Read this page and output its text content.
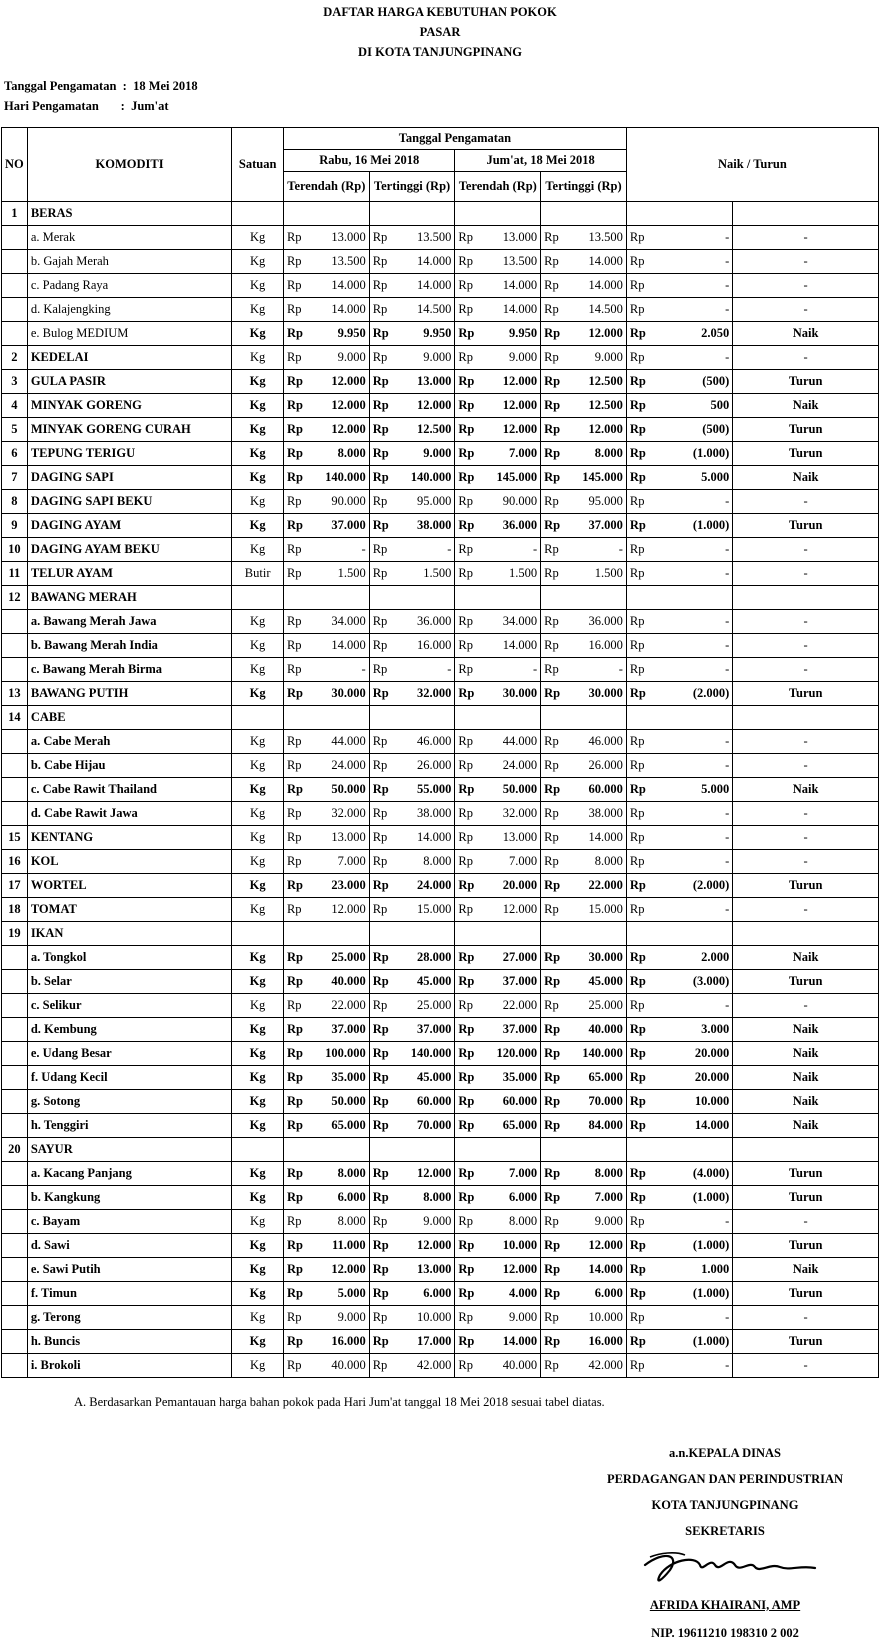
DAFTAR HARGA KEBUTUHAN POKOK
PASAR
DI KOTA TANJUNGPINANG
Tanggal Pengamatan  :  18 Mei 2018
Hari Pengamatan       :  Jum'at
NO	KOMODITI	Satuan	Tanggal Pengamatan								Naik / Turun		
			Rabu, 16 Mei 2018				Jum'at, 18 Mei 2018						
			Terendah (Rp)		Tertinggi (Rp)		Terendah (Rp)		Tertinggi (Rp)				
1	BERAS												
	a. Merak	Kg	Rp	13.000	Rp	13.500	Rp	13.000	Rp	13.500	Rp	-	-
	b. Gajah Merah	Kg	Rp	13.500	Rp	14.000	Rp	13.500	Rp	14.000	Rp	-	-
	c. Padang Raya	Kg	Rp	14.000	Rp	14.000	Rp	14.000	Rp	14.000	Rp	-	-
	d. Kalajengking	Kg	Rp	14.000	Rp	14.500	Rp	14.000	Rp	14.500	Rp	-	-
	e. Bulog MEDIUM	Kg	Rp	9.950	Rp	9.950	Rp	9.950	Rp	12.000	Rp	2.050	Naik
2	KEDELAI	Kg	Rp	9.000	Rp	9.000	Rp	9.000	Rp	9.000	Rp	-	-
3	GULA PASIR	Kg	Rp	12.000	Rp	13.000	Rp	12.000	Rp	12.500	Rp	(500)	Turun
4	MINYAK GORENG	Kg	Rp	12.000	Rp	12.000	Rp	12.000	Rp	12.500	Rp	500	Naik
5	MINYAK GORENG CURAH	Kg	Rp	12.000	Rp	12.500	Rp	12.000	Rp	12.000	Rp	(500)	Turun
6	TEPUNG TERIGU	Kg	Rp	8.000	Rp	9.000	Rp	7.000	Rp	8.000	Rp	(1.000)	Turun
7	DAGING SAPI	Kg	Rp	140.000	Rp	140.000	Rp	145.000	Rp	145.000	Rp	5.000	Naik
8	DAGING SAPI BEKU	Kg	Rp	90.000	Rp	95.000	Rp	90.000	Rp	95.000	Rp	-	-
9	DAGING AYAM	Kg	Rp	37.000	Rp	38.000	Rp	36.000	Rp	37.000	Rp	(1.000)	Turun
10	DAGING AYAM BEKU	Kg	Rp	-	Rp	-	Rp	-	Rp	-	Rp	-	-
11	TELUR AYAM	Butir	Rp	1.500	Rp	1.500	Rp	1.500	Rp	1.500	Rp	-	-
12	BAWANG MERAH												
	a. Bawang Merah Jawa	Kg	Rp	34.000	Rp	36.000	Rp	34.000	Rp	36.000	Rp	-	-
	b. Bawang Merah India	Kg	Rp	14.000	Rp	16.000	Rp	14.000	Rp	16.000	Rp	-	-
	c. Bawang Merah Birma	Kg	Rp	-	Rp	-	Rp	-	Rp	-	Rp	-	-
13	BAWANG PUTIH	Kg	Rp	30.000	Rp	32.000	Rp	30.000	Rp	30.000	Rp	(2.000)	Turun
14	CABE												
	a. Cabe Merah	Kg	Rp	44.000	Rp	46.000	Rp	44.000	Rp	46.000	Rp	-	-
	b. Cabe Hijau	Kg	Rp	24.000	Rp	26.000	Rp	24.000	Rp	26.000	Rp	-	-
	c. Cabe Rawit Thailand	Kg	Rp	50.000	Rp	55.000	Rp	50.000	Rp	60.000	Rp	5.000	Naik
	d. Cabe Rawit Jawa	Kg	Rp	32.000	Rp	38.000	Rp	32.000	Rp	38.000	Rp	-	-
15	KENTANG	Kg	Rp	13.000	Rp	14.000	Rp	13.000	Rp	14.000	Rp	-	-
16	KOL	Kg	Rp	7.000	Rp	8.000	Rp	7.000	Rp	8.000	Rp	-	-
17	WORTEL	Kg	Rp	23.000	Rp	24.000	Rp	20.000	Rp	22.000	Rp	(2.000)	Turun
18	TOMAT	Kg	Rp	12.000	Rp	15.000	Rp	12.000	Rp	15.000	Rp	-	-
19	IKAN												
	a. Tongkol	Kg	Rp	25.000	Rp	28.000	Rp	27.000	Rp	30.000	Rp	2.000	Naik
	b. Selar	Kg	Rp	40.000	Rp	45.000	Rp	37.000	Rp	45.000	Rp	(3.000)	Turun
	c. Selikur	Kg	Rp	22.000	Rp	25.000	Rp	22.000	Rp	25.000	Rp	-	-
	d. Kembung	Kg	Rp	37.000	Rp	37.000	Rp	37.000	Rp	40.000	Rp	3.000	Naik
	e. Udang Besar	Kg	Rp	100.000	Rp	140.000	Rp	120.000	Rp	140.000	Rp	20.000	Naik
	f. Udang Kecil	Kg	Rp	35.000	Rp	45.000	Rp	35.000	Rp	65.000	Rp	20.000	Naik
	g. Sotong	Kg	Rp	50.000	Rp	60.000	Rp	60.000	Rp	70.000	Rp	10.000	Naik
	h. Tenggiri	Kg	Rp	65.000	Rp	70.000	Rp	65.000	Rp	84.000	Rp	14.000	Naik
20	SAYUR												
	a. Kacang Panjang	Kg	Rp	8.000	Rp	12.000	Rp	7.000	Rp	8.000	Rp	(4.000)	Turun
	b. Kangkung	Kg	Rp	6.000	Rp	8.000	Rp	6.000	Rp	7.000	Rp	(1.000)	Turun
	c. Bayam	Kg	Rp	8.000	Rp	9.000	Rp	8.000	Rp	9.000	Rp	-	-
	d. Sawi	Kg	Rp	11.000	Rp	12.000	Rp	10.000	Rp	12.000	Rp	(1.000)	Turun
	e. Sawi Putih	Kg	Rp	12.000	Rp	13.000	Rp	12.000	Rp	14.000	Rp	1.000	Naik
	f. Timun	Kg	Rp	5.000	Rp	6.000	Rp	4.000	Rp	6.000	Rp	(1.000)	Turun
	g. Terong	Kg	Rp	9.000	Rp	10.000	Rp	9.000	Rp	10.000	Rp	-	-
	h. Buncis	Kg	Rp	16.000	Rp	17.000	Rp	14.000	Rp	16.000	Rp	(1.000)	Turun
	i. Brokoli	Kg	Rp	40.000	Rp	42.000	Rp	40.000	Rp	42.000	Rp	-	-
A. Berdasarkan Pemantauan harga bahan pokok pada Hari Jum'at tanggal 18 Mei 2018 sesuai tabel diatas.
a.n.KEPALA DINAS
PERDAGANGAN DAN PERINDUSTRIAN
KOTA TANJUNGPINANG
SEKRETARIS
AFRIDA KHAIRANI, AMP
NIP. 19611210 198310 2 002
